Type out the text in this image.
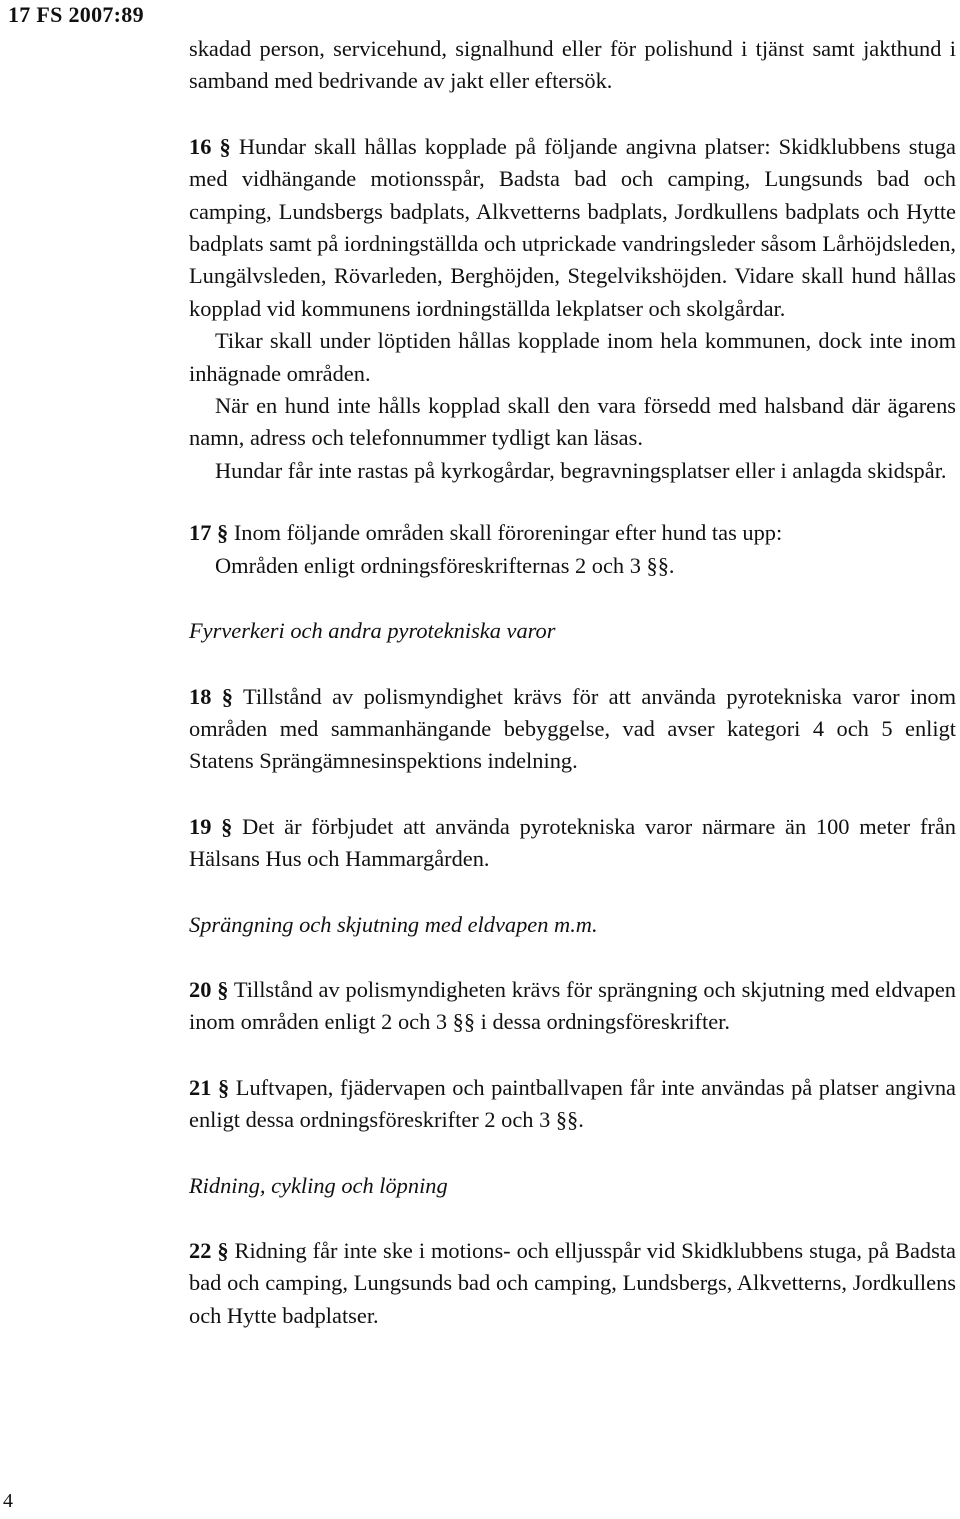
17 FS 2007:89

skadad person, servicehund, signalhund eller för polishund i tjänst samt jakthund i samband med bedrivande av jakt eller eftersök.

16 § Hundar skall hållas kopplade på följande angivna platser: Skidklubbens stuga med vidhängande motionsspår, Badsta bad och camping, Lungsunds bad och camping, Lundsbergs badplats, Alkvetterns badplats, Jordkullens badplats och Hytte badplats samt på iordningställda och utprickade vandringsleder såsom Lårhöjdsleden, Lungälvsleden, Rövarleden, Berghöjden, Stegelvikshöjden. Vidare skall hund hållas kopplad vid kommunens iordningställda lekplatser och skolgårdar.

Tikar skall under löptiden hållas kopplade inom hela kommunen, dock inte inom inhägnade områden.

När en hund inte hålls kopplad skall den vara försedd med halsband där ägarens namn, adress och telefonnummer tydligt kan läsas.

Hundar får inte rastas på kyrkogårdar, begravningsplatser eller i anlagda skidspår.

17 § Inom följande områden skall föroreningar efter hund tas upp:

Områden enligt ordningsföreskrifternas 2 och 3 §§.

Fyrverkeri och andra pyrotekniska varor

18 § Tillstånd av polismyndighet krävs för att använda pyrotekniska varor inom områden med sammanhängande bebyggelse, vad avser kategori 4 och 5 enligt Statens Sprängämnesinspektions indelning.

19 § Det är förbjudet att använda pyrotekniska varor närmare än 100 meter från Hälsans Hus och Hammargården.

Sprängning och skjutning med eldvapen m.m.

20 § Tillstånd av polismyndigheten krävs för sprängning och skjutning med eldvapen inom områden enligt 2 och 3 §§ i dessa ordningsföreskrifter.

21 § Luftvapen, fjädervapen och paintballvapen får inte användas på platser angivna enligt dessa ordningsföreskrifter 2 och 3 §§.

Ridning, cykling och löpning

22 § Ridning får inte ske i motions- och elljusspår vid Skidklubbens stuga, på Badsta bad och camping, Lungsunds bad och camping, Lundsbergs, Alkvetterns, Jordkullens och Hytte badplatser.

4
